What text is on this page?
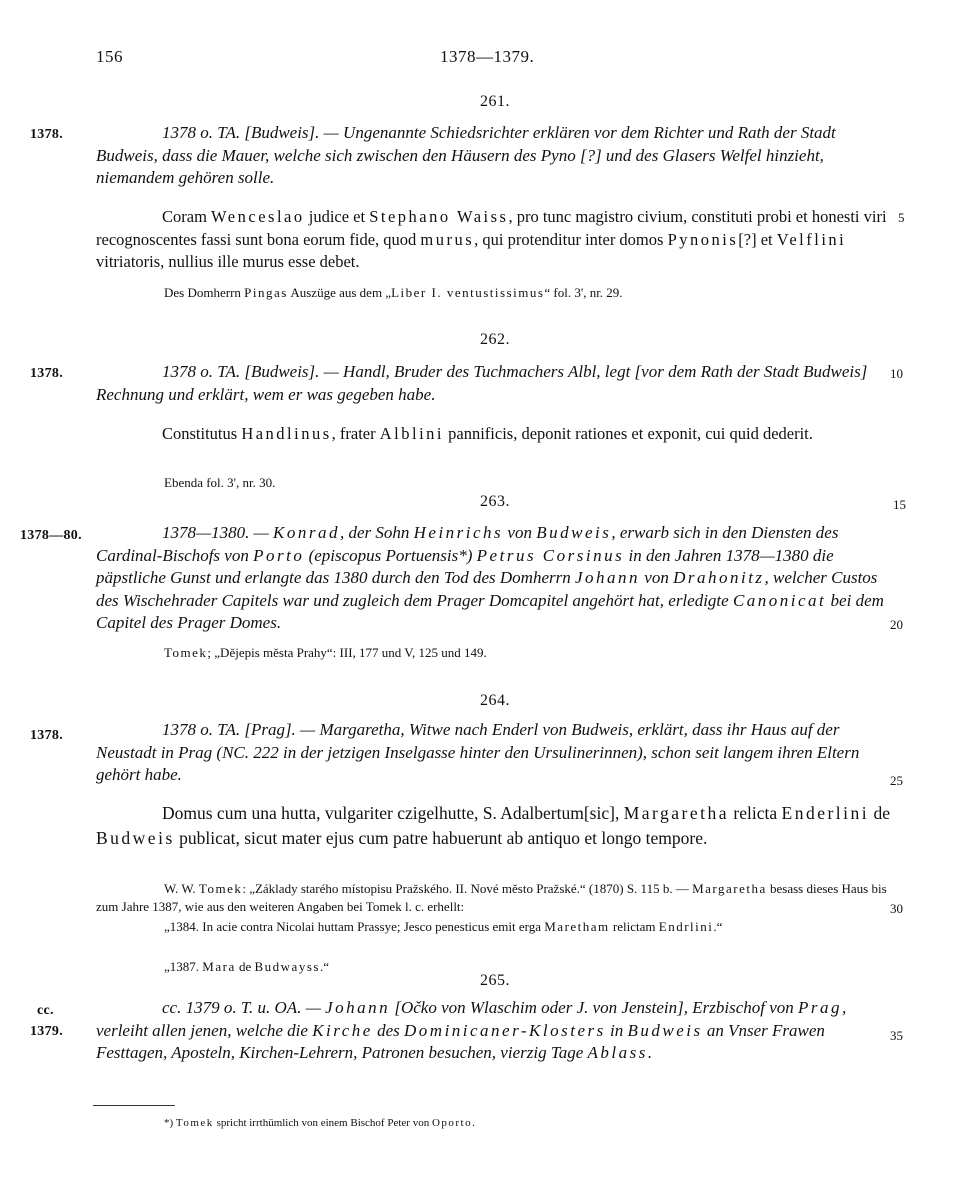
156	1378—1379.
261.
1378.	1378 o. TA. [Budweis]. — Ungenannte Schiedsrichter erklären vor dem Richter und Rath der Stadt Budweis, dass die Mauer, welche sich zwischen den Häusern des Pyno [?] und des Glasers Welfel hinzieht, niemandem gehören solle.
Coram Wenceslao judice et Stephano Waiss, pro tunc magistro civium, constituti probi et honesti viri recognoscentes fassi sunt bona eorum fide, quod murus, qui protenditur inter domos Pynonis[?] et Velflini vitriatoris, nullius ille murus esse debet.
Des Domherrn Pingas Auszüge aus dem „Liber I. ventustissimus“ fol. 3', nr. 29.
5
262.
1378.	1378 o. TA. [Budweis]. — Handl, Bruder des Tuchmachers Albl, legt [vor dem Rath der Stadt Budweis] Rechnung und erklärt, wem er was gegeben habe.
Constitutus Handlinus, frater Alblini pannificis, deponit rationes et exponit, cui quid dederit.
Ebenda fol. 3', nr. 30.
10
263.
1378—80.	1378—1380. — Konrad, der Sohn Heinrichs von Budweis, erwarb sich in den Diensten des Cardinal-Bischofs von Porto (episcopus Portuensis*) Petrus Corsinus in den Jahren 1378—1380 die päpstliche Gunst und erlangte das 1380 durch den Tod des Domherrn Johann von Drahonitz, welcher Custos des Wischehrader Capitels war und zugleich dem Prager Domcapitel angehört hat, erledigte Canonicat bei dem Capitel des Prager Domes.
Tomek; „Dějepis města Prahy“: III, 177 und V, 125 und 149.
15
20
264.
1378.	1378 o. TA. [Prag]. — Margaretha, Witwe nach Enderl von Budweis, erklärt, dass ihr Haus auf der Neustadt in Prag (NC. 222 in der jetzigen Inselgasse hinter den Ursulinerinnen), schon seit langem ihren Eltern gehört habe.
Domus cum una hutta, vulgariter czigelhutte, S. Adalbertum[sic], Margaretha relicta Enderlini de Budweis publicat, sicut mater ejus cum patre habuerunt ab antiquo et longo tempore.
W. W. Tomek: „Základy starého místopisu Pražského. II. Nové město Pražské.“ (1870) S. 115 b. — Margaretha besass dieses Haus bis zum Jahre 1387, wie aus den weiteren Angaben bei Tomek l. c. erhellt:
„1384. In acie contra Nicolai huttam Prassye; Jesco penesticus emit erga Maretham relictam Endrlini.“
„1387. Mara de Budwayss.“
25
30
265.
cc.
1379.
cc. 1379 o. T. u. OA. — Johann [Očko von Wlaschim oder J. von Jenstein], Erzbischof von Prag, verleiht allen jenen, welche die Kirche des Dominicaner-Klosters in Budweis an Vnser Frawen Festtagen, Aposteln, Kirchen-Lehrern, Patronen besuchen, vierzig Tage Ablass.
35
*) Tomek spricht irrthümlich von einem Bischof Peter von Oporto.
